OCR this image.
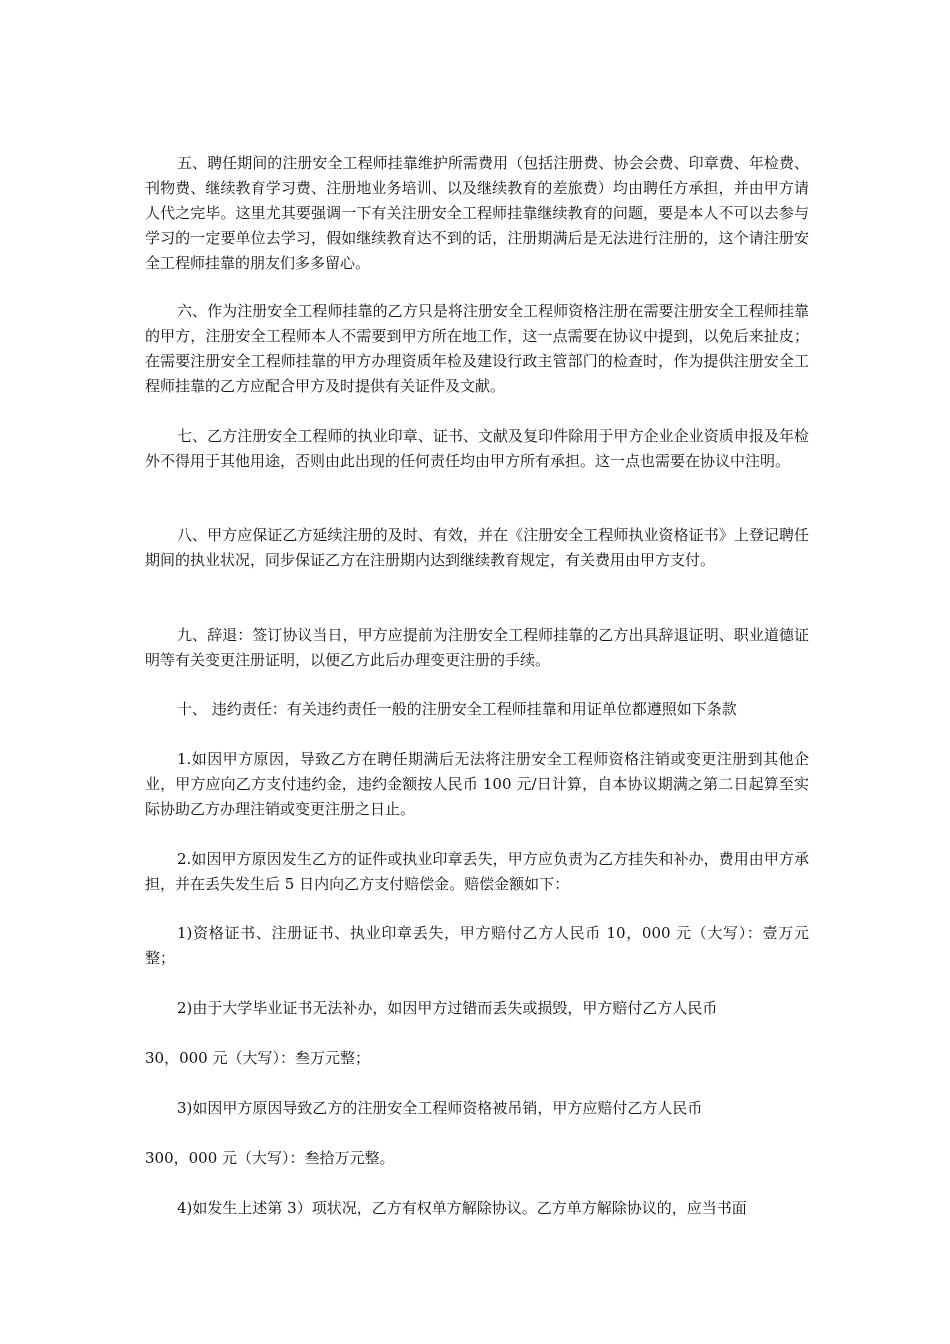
五、聘任期间的注册安全工程师挂靠维护所需费用（包括注册费、协会会费、印章费、年检费、刊物费、继续教育学习费、注册地业务培训、以及继续教育的差旅费）均由聘任方承担，并由甲方请人代之完毕。这里尤其要强调一下有关注册安全工程师挂靠继续教育的问题，要是本人不可以去参与学习的一定要单位去学习，假如继续教育达不到的话，注册期满后是无法进行注册的，这个请注册安全工程师挂靠的朋友们多多留心。

六、作为注册安全工程师挂靠的乙方只是将注册安全工程师资格注册在需要注册安全工程师挂靠的甲方，注册安全工程师本人不需要到甲方所在地工作，这一点需要在协议中提到，以免后来扯皮；在需要注册安全工程师挂靠的甲方办理资质年检及建设行政主管部门的检查时，作为提供注册安全工程师挂靠的乙方应配合甲方及时提供有关证件及文献。

七、乙方注册安全工程师的执业印章、证书、文献及复印件除用于甲方企业企业资质申报及年检外不得用于其他用途，否则由此出现的任何责任均由甲方所有承担。这一点也需要在协议中注明。

八、甲方应保证乙方延续注册的及时、有效，并在《注册安全工程师执业资格证书》上登记聘任期间的执业状况，同步保证乙方在注册期内达到继续教育规定，有关费用由甲方支付。

九、辞退：签订协议当日，甲方应提前为注册安全工程师挂靠的乙方出具辞退证明、职业道德证明等有关变更注册证明，以便乙方此后办理变更注册的手续。

十、 违约责任：有关违约责任一般的注册安全工程师挂靠和用证单位都遵照如下条款

1.如因甲方原因，导致乙方在聘任期满后无法将注册安全工程师资格注销或变更注册到其他企业，甲方应向乙方支付违约金，违约金额按人民币 100 元/日计算，自本协议期满之第二日起算至实际协助乙方办理注销或变更注册之日止。

2.如因甲方原因发生乙方的证件或执业印章丢失，甲方应负责为乙方挂失和补办，费用由甲方承担，并在丢失发生后 5 日内向乙方支付赔偿金。赔偿金额如下：

1)资格证书、注册证书、执业印章丢失，甲方赔付乙方人民币 10，000 元（大写）：壹万元整；

2)由于大学毕业证书无法补办，如因甲方过错而丢失或损毁，甲方赔付乙方人民币

30，000 元（大写）：叁万元整；

3)如因甲方原因导致乙方的注册安全工程师资格被吊销，甲方应赔付乙方人民币

300，000 元（大写）：叁拾万元整。

4)如发生上述第 3）项状况，乙方有权单方解除协议。乙方单方解除协议的，应当书面
